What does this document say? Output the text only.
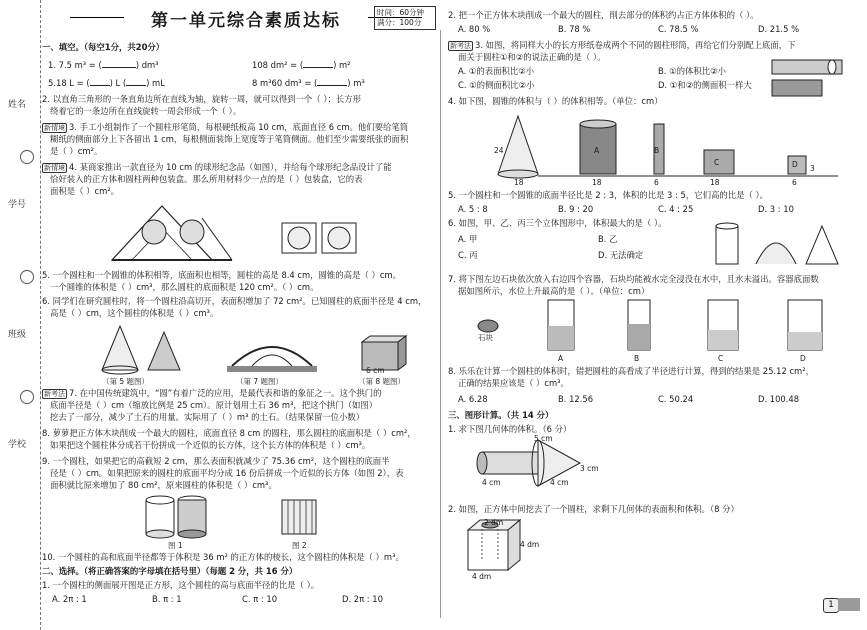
姓名
学号
班级
学校
第一单元综合素质达标	时间：60分钟
满分：100分
一、填空。（每空1分，共20分）
1. 7.5 m³ = (	) dm³	108 dm² = (	) m²
5.18 L = ( ) L ( ) mL	8 m³60 dm³ = (	) m³
2. 以直角三角形的一条直角边所在直线为轴，旋转一周，就可以得到一个（ ）；长方形
绕着它的一条边所在直线旋转一周会形成一个（ ）。
新情境 3. 手工小组制作了一个圆柱形笔筒，每根硬纸板高 10 cm，底面直径 6 cm。他们要给笔筒
糊纸的侧面部分上下各留出 1 cm，每根侧面装饰上宽度等于笔筒侧面。他们至少需要纸张的面积
是（ ）cm²。
新情境 4. 某商家推出一款直径为 10 cm 的球形纪念品（如图），并给每个球形纪念品设计了能
恰好装入的正方体和圆柱两种包装盒。那么所用材料少一点的是（ ）包装盒，它的表
面积是（ ）cm²。
5. 一个圆柱和一个圆锥的体积相等，底面积也相等，圆柱的高是 8.4 cm，圆锥的高是（ ）cm。
一个圆锥的体积是（ ）cm³，那么圆柱的底面积是 120 cm²。（ ）cm。
6. 同学们在研究圆柱时，将一个圆柱沿高切开，表面积增加了 72 cm²。已知圆柱的底面半径是 4 cm，
高是（ ）cm，这个圆柱的体积是（ ）cm³。
（第 5 题图）	（第 7 题图）	（第 8 题图）
6 cm
新考法 7. 在中国传统建筑中，“圆”有着广泛的应用，是最代表和谐的象征之一。这个拱门的
底面半径是（ ）cm（缩放比例是 25 cm）。原计划用土石 36 m³，把这个拱门（如图）
挖去了一部分，减少了土石的用量。实际用了（ ）m³ 的土石。（结果保留一位小数）
8. 萝萝把正方体木块削成一个最大的圆柱，底面直径 8 cm 的圆柱，那么圆柱的底面积是（ ）cm²，
如果把这个圆柱体分成若干份拼成一个近似的长方体，这个长方体的体积是（ ）cm³。
9. 一个圆柱，如果把它的高截短 2 cm，那么表面积就减少了 75.36 cm²，这个圆柱的底面半
径是（ ）cm。如果把原来的圆柱的底面平均分成 16 份后拼成一个近似的长方体（如图 2），表
面积就比原来增加了 80 cm²，原来圆柱的体积是（ ）cm³。
图 1	图 2
10. 一个圆柱的高和底面半径都等于体积是 36 m² 的正方体的棱长，这个圆柱的体积是（ ）m³。
二、选择。（将正确答案的字母填在括号里）（每题 2 分，共 16 分）
1. 一个圆柱的侧面展开图是正方形，这个圆柱的高与底面半径的比是（ ）。
A. 2π : 1	B. π : 1	C. π : 10	D. 2π : 10
2. 把一个正方体木块削成一个最大的圆柱，削去部分的体积约占正方体体积的（ ）。
A. 80 %	B. 78 %	C. 78.5 %	D. 21.5 %
新考法 3. 如图，将同样大小的长方形纸卷成两个不同的圆柱形筒，再给它们分别配上底面，下
面关于圆柱①和②的说法正确的是（ ）。
A. ①的表面积比②小	B. ①的体积比②小
C. ①的侧面积比②小	D. ①和②的侧面积一样大
4. 如下图，圆锥的体积与（ ）的体积相等。（单位：cm）
24
18	18	6	18	6
A	B
C	D 3
5. 一个圆柱和一个圆锥的底面半径比是 2 : 3，体积的比是 3 : 5，它们高的比是（ ）。
A. 5 : 8	B. 9 : 20	C. 4 : 25	D. 3 : 10
6. 如图，甲、乙、丙三个立体图形中，体积最大的是（ ）。
A. 甲	B. 乙
C. 丙	D. 无法确定
7. 将下图左边石块依次放入右边四个容器，石块均能被水完全浸没在水中，且水未溢出。容器底面数
据如图所示，水位上升最高的是（ ）。（单位：cm）
石块
A	B	C	D
8. 乐乐在计算一个圆柱的体积时，错把圆柱的高看成了半径进行计算，得到的结果是 25.12 cm²，
正确的结果应该是（ ）cm³。
A. 6.28	B. 12.56	C. 50.24	D. 100.48
三、图形计算。（共 14 分）
1. 求下图几何体的体积。（6 分）
5 cm
3 cm
4 cm	4 cm
2. 如图，正方体中间挖去了一个圆柱，求剩下几何体的表面积和体积。（8 分）
2 dm
4 dm
4 dm
1
